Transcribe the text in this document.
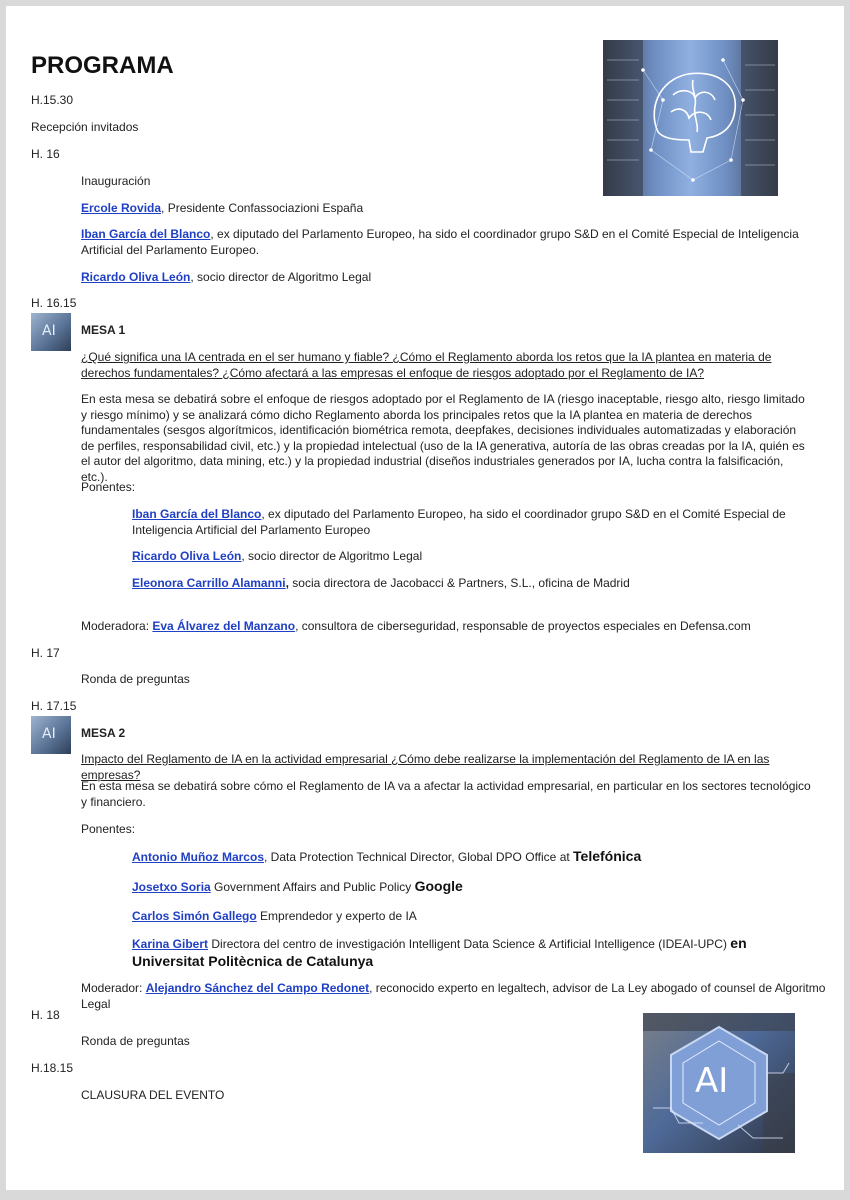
PROGRAMA
H.15.30
Recepción invitados
H. 16
Inauguración
Ercole Rovida, Presidente Confassociazioni España
Iban García del Blanco, ex diputado del Parlamento Europeo, ha sido el coordinador grupo S&D en el Comité Especial de Inteligencia Artificial del Parlamento Europeo.
Ricardo Oliva León, socio director de Algoritmo Legal
H. 16.15
AI MESA 1
¿Qué significa una IA centrada en el ser humano y fiable? ¿Cómo el Reglamento aborda los retos que la IA plantea en materia de derechos fundamentales? ¿Cómo afectará a las empresas el enfoque de riesgos adoptado por el Reglamento de IA?
En esta mesa se debatirá sobre el enfoque de riesgos adoptado por el Reglamento de IA (riesgo inaceptable, riesgo alto, riesgo limitado y riesgo mínimo) y se analizará cómo dicho Reglamento aborda los principales retos que la IA plantea en materia de derechos fundamentales (sesgos algorítmicos, identificación biométrica remota, deepfakes, decisiones individuales automatizadas y elaboración de perfiles, responsabilidad civil, etc.) y la propiedad intelectual (uso de la IA generativa, autoría de las obras creadas por la IA, quién es el autor del algoritmo, data mining, etc.) y la propiedad industrial (diseños industriales generados por IA, lucha contra la falsificación, etc.).
Ponentes:
Iban García del Blanco, ex diputado del Parlamento Europeo, ha sido el coordinador grupo S&D en el Comité Especial de Inteligencia Artificial del Parlamento Europeo
Ricardo Oliva León, socio director de Algoritmo Legal
Eleonora Carrillo Alamanni, socia directora de Jacobacci & Partners, S.L., oficina de Madrid
Moderadora: Eva Álvarez del Manzano, consultora de ciberseguridad, responsable de proyectos especiales en Defensa.com
H. 17
Ronda de preguntas
H. 17.15
AI MESA 2
Impacto del Reglamento de IA en la actividad empresarial ¿Cómo debe realizarse la implementación del Reglamento de IA en las empresas?
En esta mesa se debatirá sobre cómo el Reglamento de IA va a afectar la actividad empresarial, en particular en los sectores tecnológico y financiero.
Ponentes:
Antonio Muñoz Marcos, Data Protection Technical Director, Global DPO Office at Telefónica
Josetxo Soria Government Affairs and Public Policy Google
Carlos Simón Gallego Emprendedor y experto de IA
Karina Gibert Directora del centro de investigación Intelligent Data Science & Artificial Intelligence (IDEAI-UPC) en Universitat Politècnica de Catalunya
Moderador: Alejandro Sánchez del Campo Redonet, reconocido experto en legaltech, advisor de La Ley abogado of counsel de Algoritmo Legal
H. 18
Ronda de preguntas
H.18.15
CLAUSURA DEL EVENTO	AI
